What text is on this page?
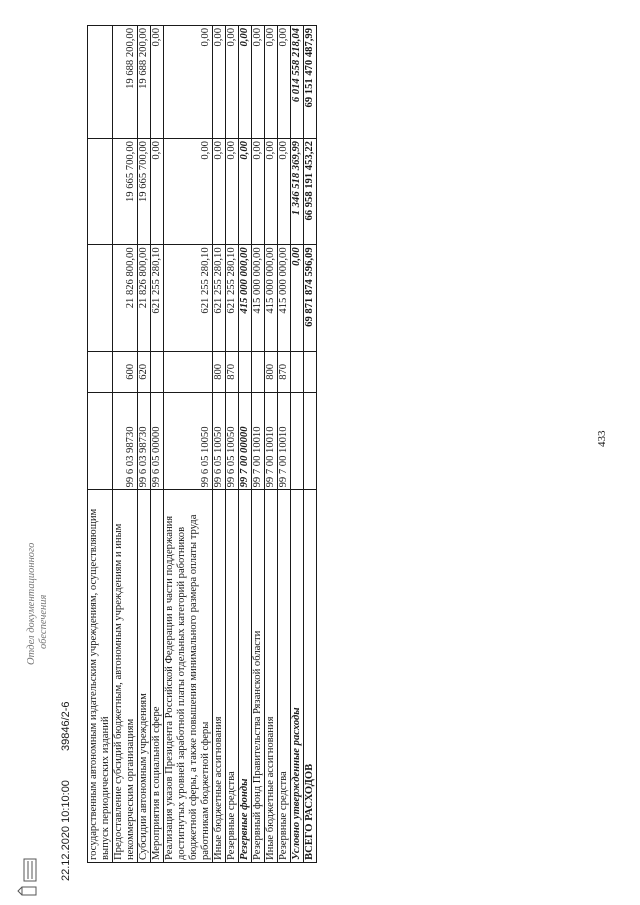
433
государственным автономным издательским учреждениям, осуществляющим выпуск периодических изданий					
Предоставление субсидий бюджетным, автономным учреждениям и иным некоммерческим организациям	99 6 03 98730	600	21 826 800,00	19 665 700,00	19 688 200,00
Субсидии автономным учреждениям	99 6 03 98730	620	21 826 800,00	19 665 700,00	19 688 200,00
Мероприятия в социальной сфере	99 6 05 00000		621 255 280,10	0,00	0,00
Реализация указов Президента Российской Федерации в части поддержания достигнутых уровней заработной платы отдельных категорий работников бюджетной сферы, а также повышения минимального размера оплаты труда работникам бюджетной сферы	99 6 05 10050		621 255 280,10	0,00	0,00
Иные бюджетные ассигнования	99 6 05 10050	800	621 255 280,10	0,00	0,00
Резервные средства	99 6 05 10050	870	621 255 280,10	0,00	0,00
Резервные фонды	99 7 00 00000		415 000 000,00	0,00	0,00
Резервный фонд Правительства Рязанской области	99 7 00 10010		415 000 000,00	0,00	0,00
Иные бюджетные ассигнования	99 7 00 10010	800	415 000 000,00	0,00	0,00
Резервные средства	99 7 00 10010	870	415 000 000,00	0,00	0,00
Условно утвержденные расходы			0,00	1 346 518 369,99	6 014 558 218,04
ВСЕГО РАСХОДОВ			69 871 874 596,09	66 958 191 453,22	69 151 470 487,99
Отдел документационного обеспечения
22.12.2020 10:10:00 39846/2-6
